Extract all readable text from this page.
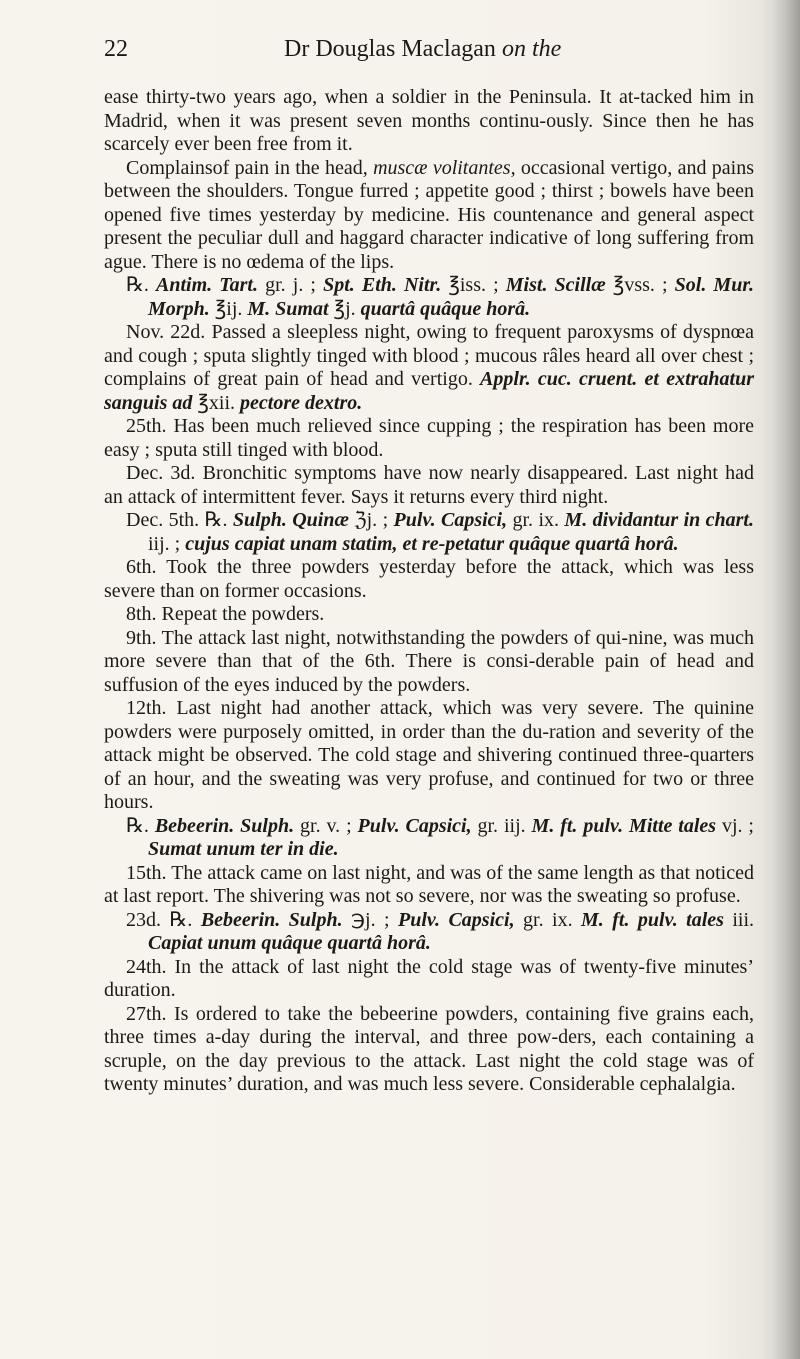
22	Dr Douglas Maclagan on the

ease thirty-two years ago, when a soldier in the Peninsula. It at-tacked him in Madrid, when it was present seven months continu-ously. Since then he has scarcely ever been free from it.

Complainsof pain in the head, muscæ volitantes, occasional vertigo, and pains between the shoulders. Tongue furred ; appetite good ; thirst ; bowels have been opened five times yesterday by medicine. His countenance and general aspect present the peculiar dull and haggard character indicative of long suffering from ague. There is no œdema of the lips.

℞. Antim. Tart. gr. j. ; Spt. Eth. Nitr. ℥iss. ; Mist. Scillæ ℥vss. ; Sol. Mur. Morph. ℥ij. M. Sumat ℥j. quartâ quâque horâ.

Nov. 22d. Passed a sleepless night, owing to frequent paroxysms of dyspnœa and cough ; sputa slightly tinged with blood ; mucous râles heard all over chest ; complains of great pain of head and vertigo. Applr. cuc. cruent. et extrahatur sanguis ad ℥xii. pectore dextro.

25th. Has been much relieved since cupping ; the respiration has been more easy ; sputa still tinged with blood.

Dec. 3d. Bronchitic symptoms have now nearly disappeared. Last night had an attack of intermittent fever. Says it returns every third night.

Dec. 5th. ℞. Sulph. Quinæ ℨj. ; Pulv. Capsici, gr. ix. M. dividantur in chart. iij. ; cujus capiat unam statim, et re-petatur quâque quartâ horâ.

6th. Took the three powders yesterday before the attack, which was less severe than on former occasions.

8th. Repeat the powders.

9th. The attack last night, notwithstanding the powders of qui-nine, was much more severe than that of the 6th. There is consi-derable pain of head and suffusion of the eyes induced by the powders.

12th. Last night had another attack, which was very severe. The quinine powders were purposely omitted, in order than the du-ration and severity of the attack might be observed. The cold stage and shivering continued three-quarters of an hour, and the sweating was very profuse, and continued for two or three hours.

℞. Bebeerin. Sulph. gr. v. ; Pulv. Capsici, gr. iij. M. ft. pulv. Mitte tales vj. ; Sumat unum ter in die.

15th. The attack came on last night, and was of the same length as that noticed at last report. The shivering was not so severe, nor was the sweating so profuse.

23d. ℞. Bebeerin. Sulph. ℈j. ; Pulv. Capsici, gr. ix. M. ft. pulv. tales iii. Capiat unum quâque quartâ horâ.

24th. In the attack of last night the cold stage was of twenty-five minutes’ duration.

27th. Is ordered to take the bebeerine powders, containing five grains each, three times a-day during the interval, and three pow-ders, each containing a scruple, on the day previous to the attack. Last night the cold stage was of twenty minutes’ duration, and was much less severe. Considerable cephalalgia.
